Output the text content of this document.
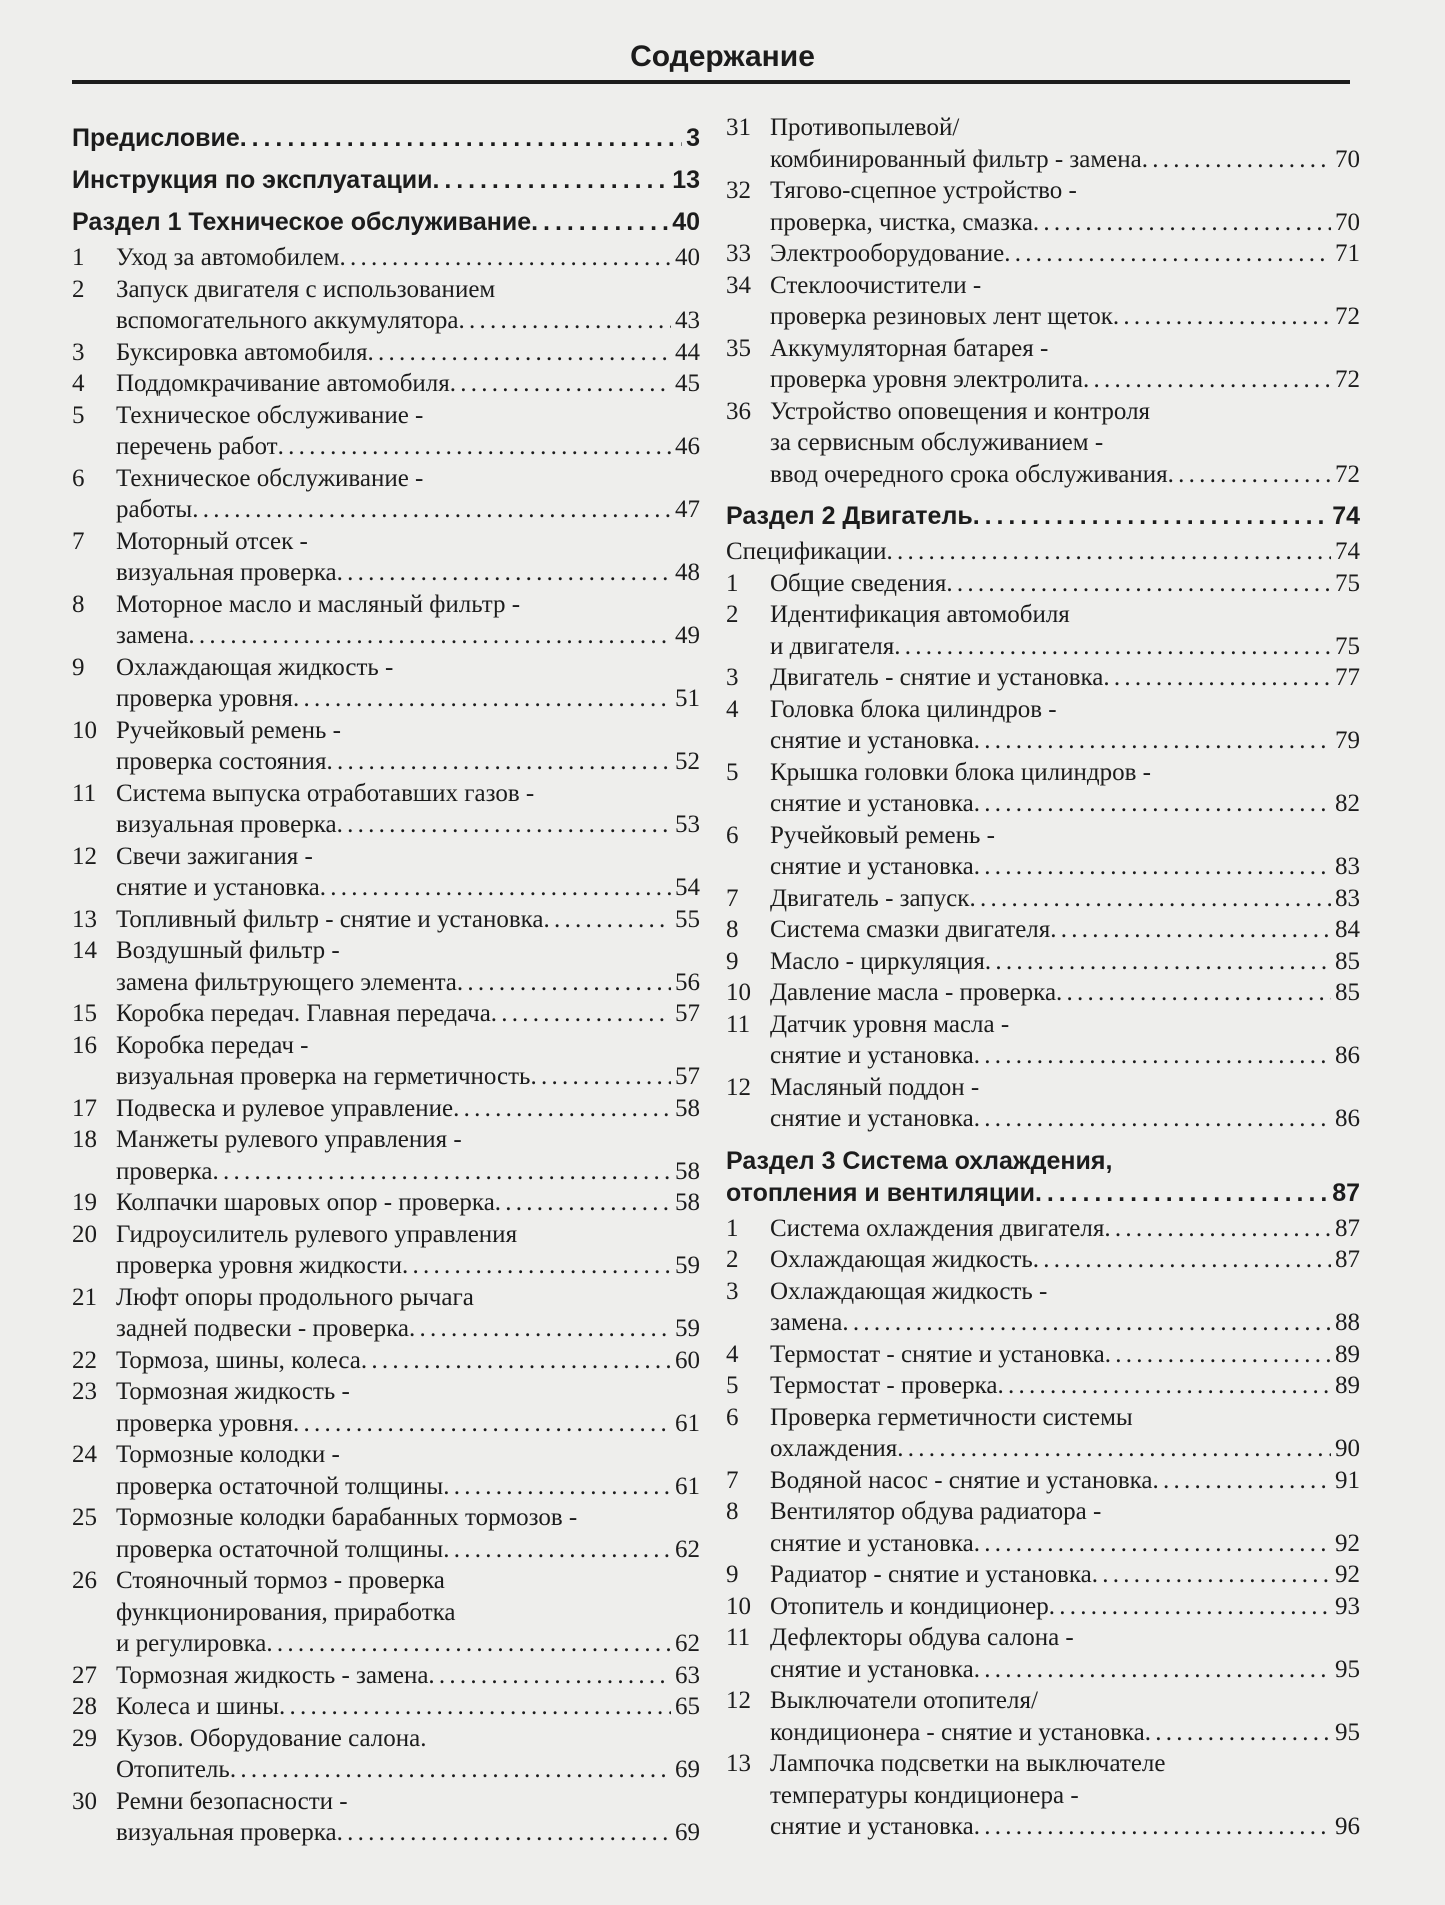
Содержание
Предисловие . . .	3
Инструкция по эксплуатации . . .	13
Раздел 1 Техническое обслуживание . . .	40
1	Уход за автомобилем . . .	40
2	Запуск двигателя с использованием
вспомогательного аккумулятора . . .	43
3	Буксировка автомобиля . . .	44
4	Поддомкрачивание автомобиля . . .	45
5	Техническое обслуживание -
перечень работ . . .	46
6	Техническое обслуживание -
работы . . .	47
7	Моторный отсек -
визуальная проверка . . .	48
8	Моторное масло и масляный фильтр -
замена . . .	49
9	Охлаждающая жидкость -
проверка уровня . . .	51
10 Ручейковый ремень -
проверка состояния . . .	52
11 Система выпуска отработавших газов -
визуальная проверка . . .	53
12 Свечи зажигания -
снятие и установка . . .	54
13 Топливный фильтр - снятие и установка . . .	55
14 Воздушный фильтр -
замена фильтрующего элемента . . .	56
15 Коробка передач. Главная передача . . .	57
16 Коробка передач -
визуальная проверка на герметичность . . .	57
17 Подвеска и рулевое управление . . .	58
18 Манжеты рулевого управления -
проверка . . .	58
19 Колпачки шаровых опор - проверка . . .	58
20 Гидроусилитель рулевого управления
проверка уровня жидкости . . .	59
21 Люфт опоры продольного рычага
задней подвески - проверка . . .	59
22 Тормоза, шины, колеса . . .	60
23 Тормозная жидкость -
проверка уровня . . .	61
24 Тормозные колодки -
проверка остаточной толщины . . .	61
25 Тормозные колодки барабанных тормозов -
проверка остаточной толщины . . .	62
26 Стояночный тормоз - проверка
функционирования, приработка
и регулировка . . .	62
27 Тормозная жидкость - замена . . .	63
28 Колеса и шины . . .	65
29 Кузов. Оборудование салона.
Отопитель . . .	69
30 Ремни безопасности -
визуальная проверка . . .	69
31 Противопылевой/
комбинированный фильтр - замена . . .	70
32 Тягово-сцепное устройство -
проверка, чистка, смазка . . .	70
33 Электрооборудование . . .	71
34 Стеклоочистители -
проверка резиновых лент щеток . . .	72
35 Аккумуляторная батарея -
проверка уровня электролита . . .	72
36 Устройство оповещения и контроля
за сервисным обслуживанием -
ввод очередного срока обслуживания . . .	72
Раздел 2 Двигатель . . .	74
Спецификации . . .	74
1	Общие сведения . . .	75
2	Идентификация автомобиля
и двигателя . . .	75
3	Двигатель - снятие и установка . . .	77
4	Головка блока цилиндров -
снятие и установка . . .	79
5	Крышка головки блока цилиндров -
снятие и установка . . .	82
6	Ручейковый ремень -
снятие и установка . . .	83
7	Двигатель - запуск . . .	83
8	Система смазки двигателя . . .	84
9	Масло - циркуляция . . .	85
10 Давление масла - проверка . . .	85
11 Датчик уровня масла -
снятие и установка . . .	86
12 Масляный поддон -
снятие и установка . . .	86
Раздел 3 Система охлаждения,
отопления и вентиляции . . .	87
1	Система охлаждения двигателя . . .	87
2	Охлаждающая жидкость . . .	87
3	Охлаждающая жидкость -
замена . . .	88
4	Термостат - снятие и установка . . .	89
5	Термостат - проверка . . .	89
6	Проверка герметичности системы
охлаждения . . .	90
7	Водяной насос - снятие и установка . . .	91
8	Вентилятор обдува радиатора -
снятие и установка . . .	92
9	Радиатор - снятие и установка . . .	92
10 Отопитель и кондиционер . . .	93
11 Дефлекторы обдува салона -
снятие и установка . . .	95
12 Выключатели отопителя/
кондиционера - снятие и установка . . .	95
13 Лампочка подсветки на выключателе
температуры кондиционера -
снятие и установка . . .	96
